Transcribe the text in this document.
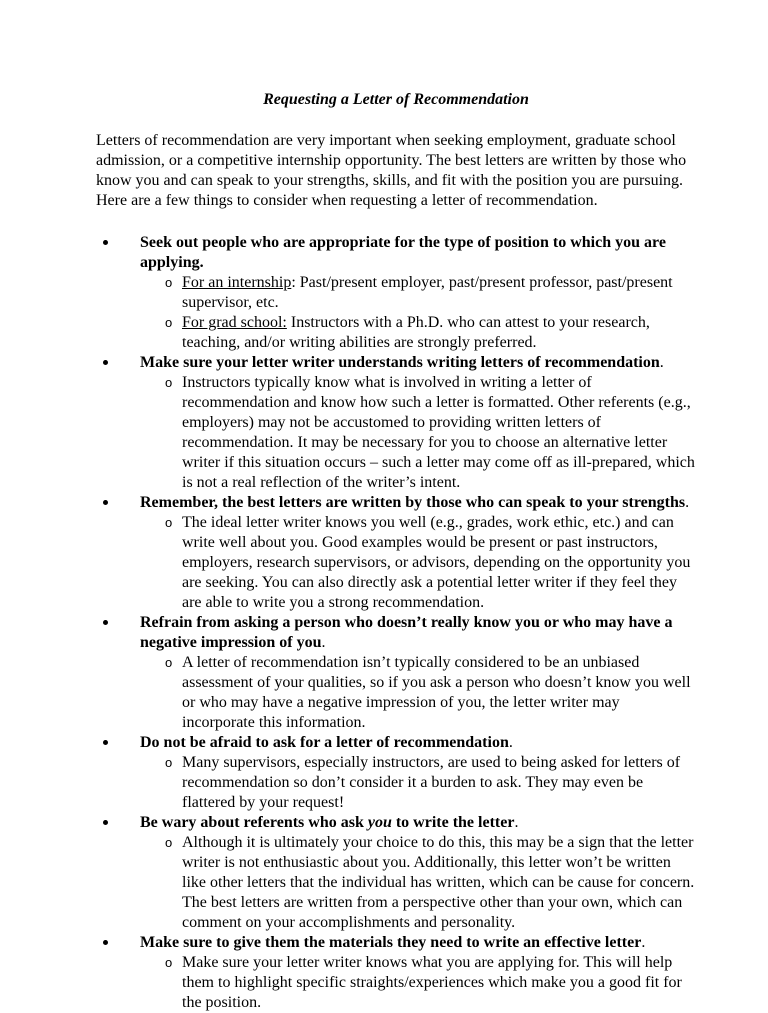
Requesting a Letter of Recommendation

Letters of recommendation are very important when seeking employment, graduate school admission, or a competitive internship opportunity. The best letters are written by those who know you and can speak to your strengths, skills, and fit with the position you are pursuing. Here are a few things to consider when requesting a letter of recommendation.

Seek out people who are appropriate for the type of position to which you are applying.
o For an internship: Past/present employer, past/present professor, past/present supervisor, etc.
o For grad school: Instructors with a Ph.D. who can attest to your research, teaching, and/or writing abilities are strongly preferred.
Make sure your letter writer understands writing letters of recommendation.
o Instructors typically know what is involved in writing a letter of recommendation and know how such a letter is formatted. Other referents (e.g., employers) may not be accustomed to providing written letters of recommendation. It may be necessary for you to choose an alternative letter writer if this situation occurs – such a letter may come off as ill-prepared, which is not a real reflection of the writer’s intent.
Remember, the best letters are written by those who can speak to your strengths.
o The ideal letter writer knows you well (e.g., grades, work ethic, etc.) and can write well about you. Good examples would be present or past instructors, employers, research supervisors, or advisors, depending on the opportunity you are seeking. You can also directly ask a potential letter writer if they feel they are able to write you a strong recommendation.
Refrain from asking a person who doesn’t really know you or who may have a negative impression of you.
o A letter of recommendation isn’t typically considered to be an unbiased assessment of your qualities, so if you ask a person who doesn’t know you well or who may have a negative impression of you, the letter writer may incorporate this information.
Do not be afraid to ask for a letter of recommendation.
o Many supervisors, especially instructors, are used to being asked for letters of recommendation so don’t consider it a burden to ask. They may even be flattered by your request!
Be wary about referents who ask you to write the letter.
o Although it is ultimately your choice to do this, this may be a sign that the letter writer is not enthusiastic about you. Additionally, this letter won’t be written like other letters that the individual has written, which can be cause for concern. The best letters are written from a perspective other than your own, which can comment on your accomplishments and personality.
Make sure to give them the materials they need to write an effective letter.
o Make sure your letter writer knows what you are applying for. This will help them to highlight specific straights/experiences which make you a good fit for the position.
